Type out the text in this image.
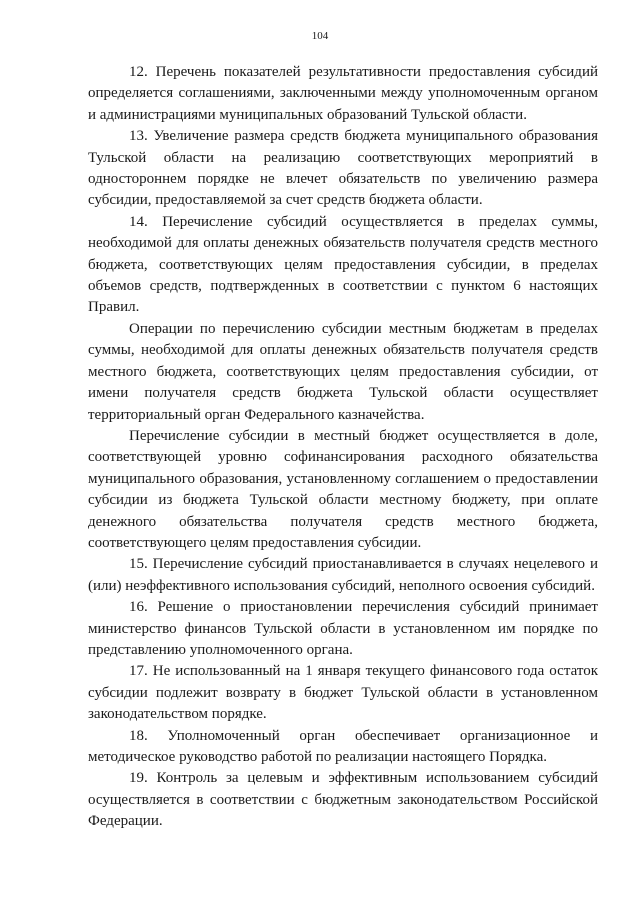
104

12. Перечень показателей результативности предоставления субсидий определяется соглашениями, заключенными между уполномоченным органом и администрациями муниципальных образований Тульской области.

13. Увеличение размера средств бюджета муниципального образования Тульской области на реализацию соответствующих мероприятий в одностороннем порядке не влечет обязательств по увеличению размера субсидии, предоставляемой за счет средств бюджета области.

14. Перечисление субсидий осуществляется в пределах суммы, необходимой для оплаты денежных обязательств получателя средств местного бюджета, соответствующих целям предоставления субсидии, в пределах объемов средств, подтвержденных в соответствии с пунктом 6 настоящих Правил.

Операции по перечислению субсидии местным бюджетам в пределах суммы, необходимой для оплаты денежных обязательств получателя средств местного бюджета, соответствующих целям предоставления субсидии, от имени получателя средств бюджета Тульской области осуществляет территориальный орган Федерального казначейства.

Перечисление субсидии в местный бюджет осуществляется в доле, соответствующей уровню софинансирования расходного обязательства муниципального образования, установленному соглашением о предоставлении субсидии из бюджета Тульской области местному бюджету, при оплате денежного обязательства получателя средств местного бюджета, соответствующего целям предоставления субсидии.

15. Перечисление субсидий приостанавливается в случаях нецелевого и (или) неэффективного использования субсидий, неполного освоения субсидий.

16. Решение о приостановлении перечисления субсидий принимает министерство финансов Тульской области в установленном им порядке по представлению уполномоченного органа.

17. Не использованный на 1 января текущего финансового года остаток субсидии подлежит возврату в бюджет Тульской области в установленном законодательством порядке.

18. Уполномоченный орган обеспечивает организационное и методическое руководство работой по реализации настоящего Порядка.

19. Контроль за целевым и эффективным использованием субсидий осуществляется в соответствии с бюджетным законодательством Российской Федерации.
